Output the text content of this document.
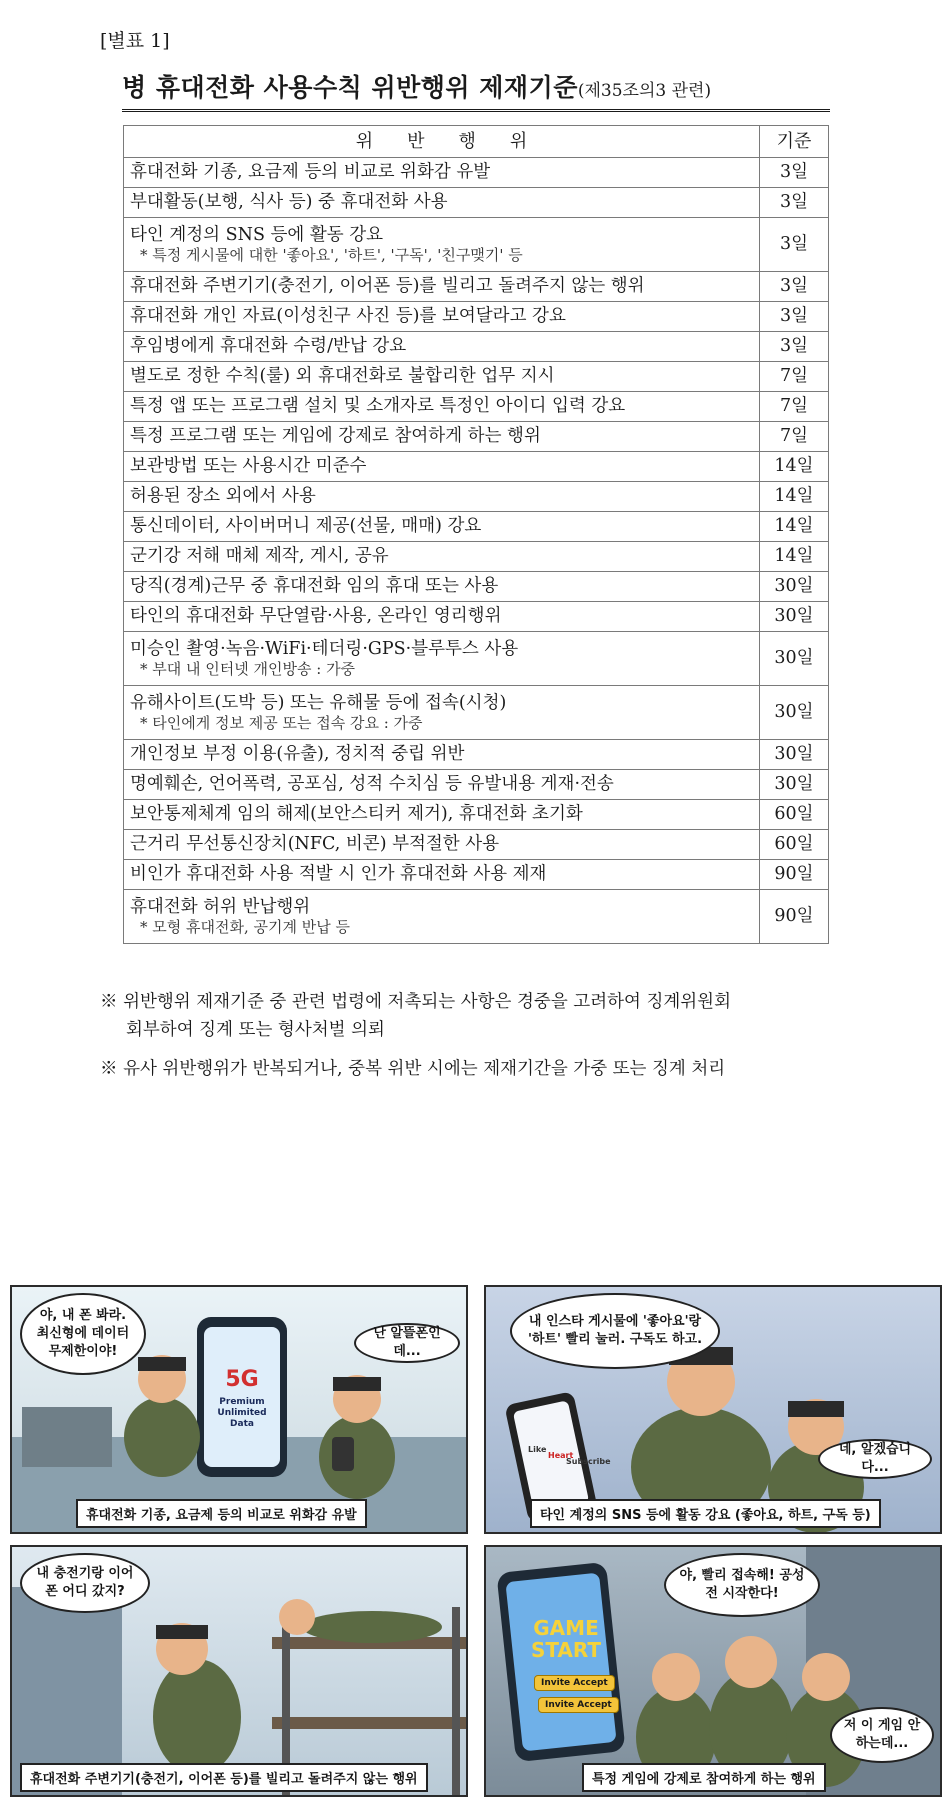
[별표 1]
병 휴대전화 사용수칙 위반행위 제재기준(제35조의3 관련)
위반행위	기준
휴대전화 기종, 요금제 등의 비교로 위화감 유발	3일
부대활동(보행, 식사 등) 중 휴대전화 사용	3일
타인 계정의 SNS 등에 활동 강요
* 특정 게시물에 대한 '좋아요', '하트', '구독', '친구맺기' 등	3일
휴대전화 주변기기(충전기, 이어폰 등)를 빌리고 돌려주지 않는 행위	3일
휴대전화 개인 자료(이성친구 사진 등)를 보여달라고 강요	3일
후임병에게 휴대전화 수령/반납 강요	3일
별도로 정한 수칙(룰) 외 휴대전화로 불합리한 업무 지시	7일
특정 앱 또는 프로그램 설치 및 소개자로 특정인 아이디 입력 강요	7일
특정 프로그램 또는 게임에 강제로 참여하게 하는 행위	7일
보관방법 또는 사용시간 미준수	14일
허용된 장소 외에서 사용	14일
통신데이터, 사이버머니 제공(선물, 매매) 강요	14일
군기강 저해 매체 제작, 게시, 공유	14일
당직(경계)근무 중 휴대전화 임의 휴대 또는 사용	30일
타인의 휴대전화 무단열람·사용, 온라인 영리행위	30일
미승인 촬영·녹음·WiFi·테더링·GPS·블루투스 사용
* 부대 내 인터넷 개인방송 : 가중	30일
유해사이트(도박 등) 또는 유해물 등에 접속(시청)
* 타인에게 정보 제공 또는 접속 강요 : 가중	30일
개인정보 부정 이용(유출), 정치적 중립 위반	30일
명예훼손, 언어폭력, 공포심, 성적 수치심 등 유발내용 게재·전송	30일
보안통제체계 임의 해제(보안스티커 제거), 휴대전화 초기화	60일
근거리 무선통신장치(NFC, 비콘) 부적절한 사용	60일
비인가 휴대전화 사용 적발 시 인가 휴대전화 사용 제재	90일
휴대전화 허위 반납행위
* 모형 휴대전화, 공기계 반납 등	90일
※ 위반행위 제재기준 중 관련 법령에 저촉되는 사항은 경중을 고려하여 징계위원회
회부하여 징계 또는 형사처벌 의뢰
※ 유사 위반행위가 반복되거나, 중복 위반 시에는 제재기간을 가중 또는 징계 처리
야, 내 폰 봐라. 최신형에 데이터 무제한이야!
난 알뜰폰인데...
5G
Premium Unlimited Data
휴대전화 기종, 요금제 등의 비교로 위화감 유발
내 인스타 게시물에 '좋아요'랑 '하트' 빨리 눌러. 구독도 하고.
네, 알겠습니다...
Like
Heart
Subscribe
타인 계정의 SNS 등에 활동 강요 (좋아요, 하트, 구독 등)
내 충전기랑 이어폰 어디 갔지?
휴대전화 주변기기(충전기, 이어폰 등)를 빌리고 돌려주지 않는 행위
GAME START
Invite Accept
Invite Accept
야, 빨리 접속해! 공성전 시작한다!
저 이 게임 안 하는데...
특정 게임에 강제로 참여하게 하는 행위
